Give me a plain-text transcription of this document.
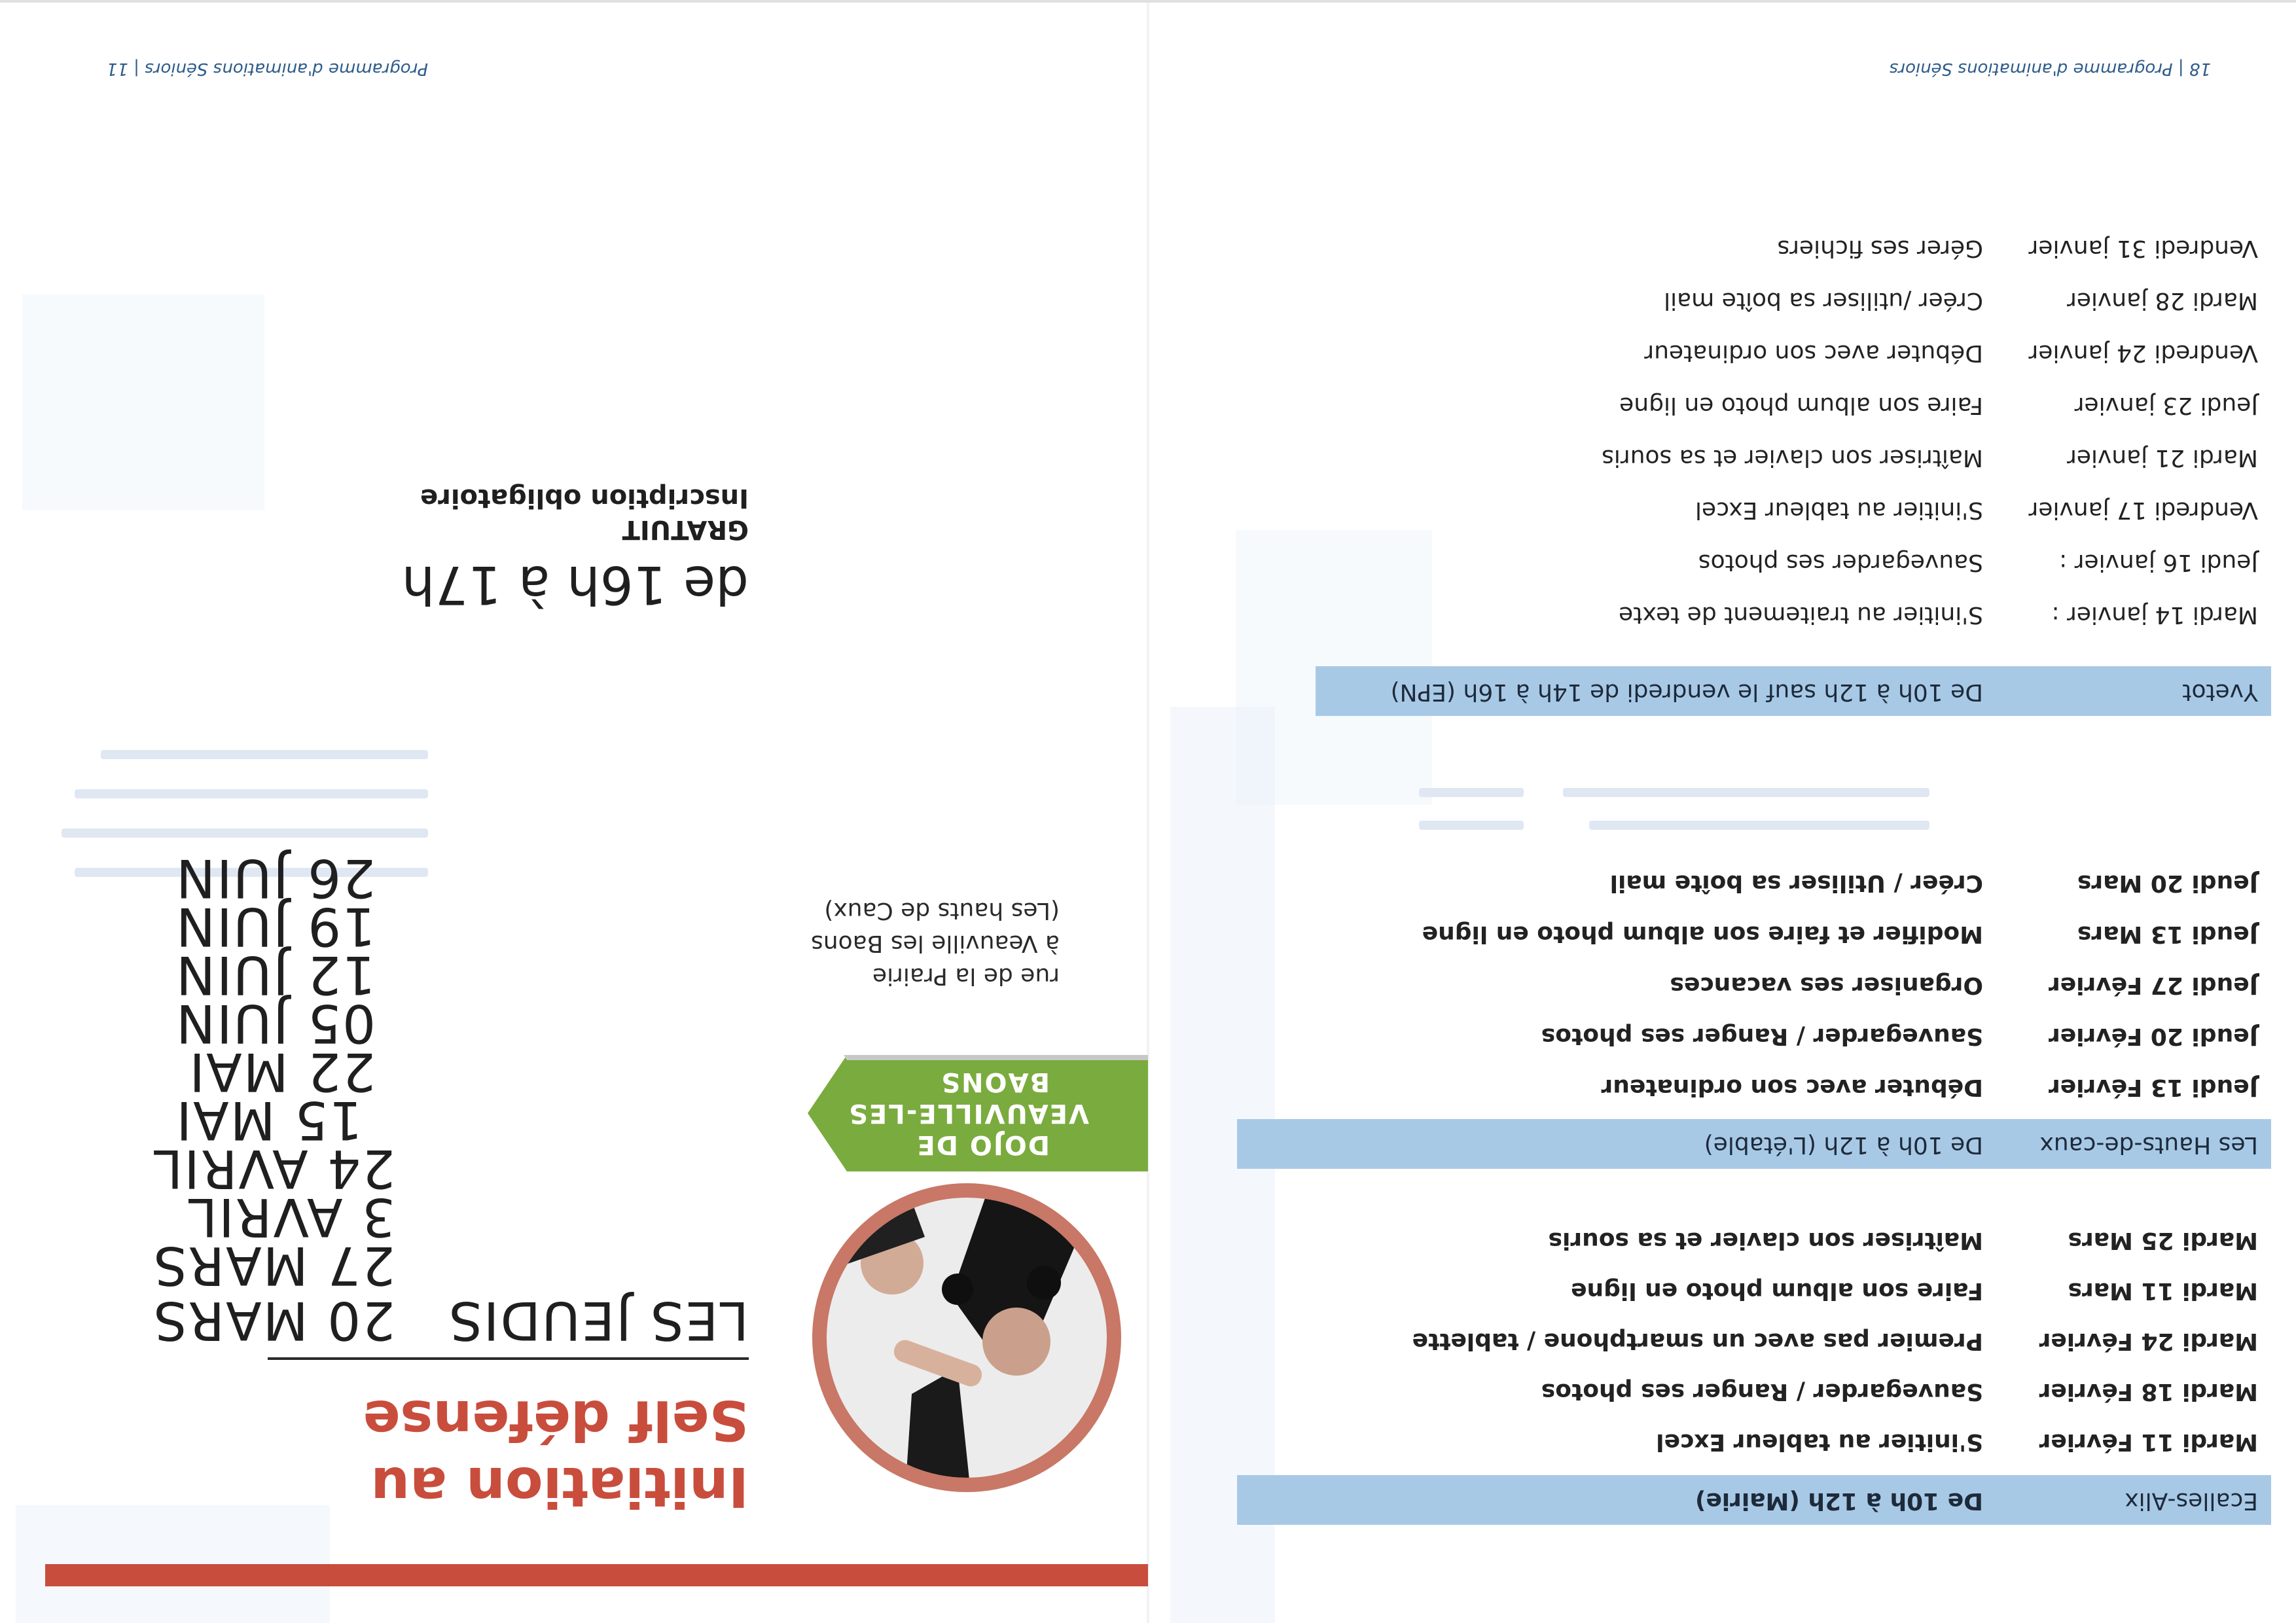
18 | Programme d'animations Séniors
Ecalles-Alix
De 10h à 12h (Mairie)
Mardi 11 Février
S'initier au tableur Excel
Mardi 18 Février
Sauvegarder / Ranger ses photos
Mardi 24 Février
Premier pas avec un smartphone / tablette
Mardi 11 Mars
Faire son album photo en ligne
Mardi 25 Mars
Maîtriser son clavier et sa souris
Les Hauts-de-caux
De 10h à 12h (L'étable)
Jeudi 13 Février
Débuter avec son ordinateur
Jeudi 20 Février
Sauvegarder / Ranger ses photos
Jeudi 27 Février
Organiser ses vacances
Jeudi 13 Mars
Modifier et faire son album photo en ligne
Jeudi 20 Mars
Créer / Utiliser sa boîte mail
Yvetot
De 10h à 12h sauf le vendredi de 14h à 16h (EPN)
Mardi 14 janvier :
S'initier au traitement de texte
Jeudi 16 janvier :
Sauvegarder ses photos
Vendredi 17 janvier
S'initier au tableur Excel
Mardi 21 janvier
Maîtriser son clavier et sa souris
Jeudi 23 janvier
Faire son album photo en ligne
Vendredi 24 janvier
Débuter avec son ordinateur
Mardi 28 janvier
Créer /utiliser sa boîte mail
Vendredi 31 janvier
Gérer ses fichiers
Programme d'animations Séniors | 11
DOJO DE
VEAUVILLE-LES
BAONS
rue de la Prairie
à Veauville les Baons
(Les hauts de Caux)
Initiation au
Self défense
LES JEUDIS
20 MARS
27 MARS
3 AVRIL
24 AVRIL
15 MAI
22 MAI
05 JUIN
12 JUIN
19 JUIN
26 JUIN
de 16h à 17h
GRATUIT
Inscription obligatoire
